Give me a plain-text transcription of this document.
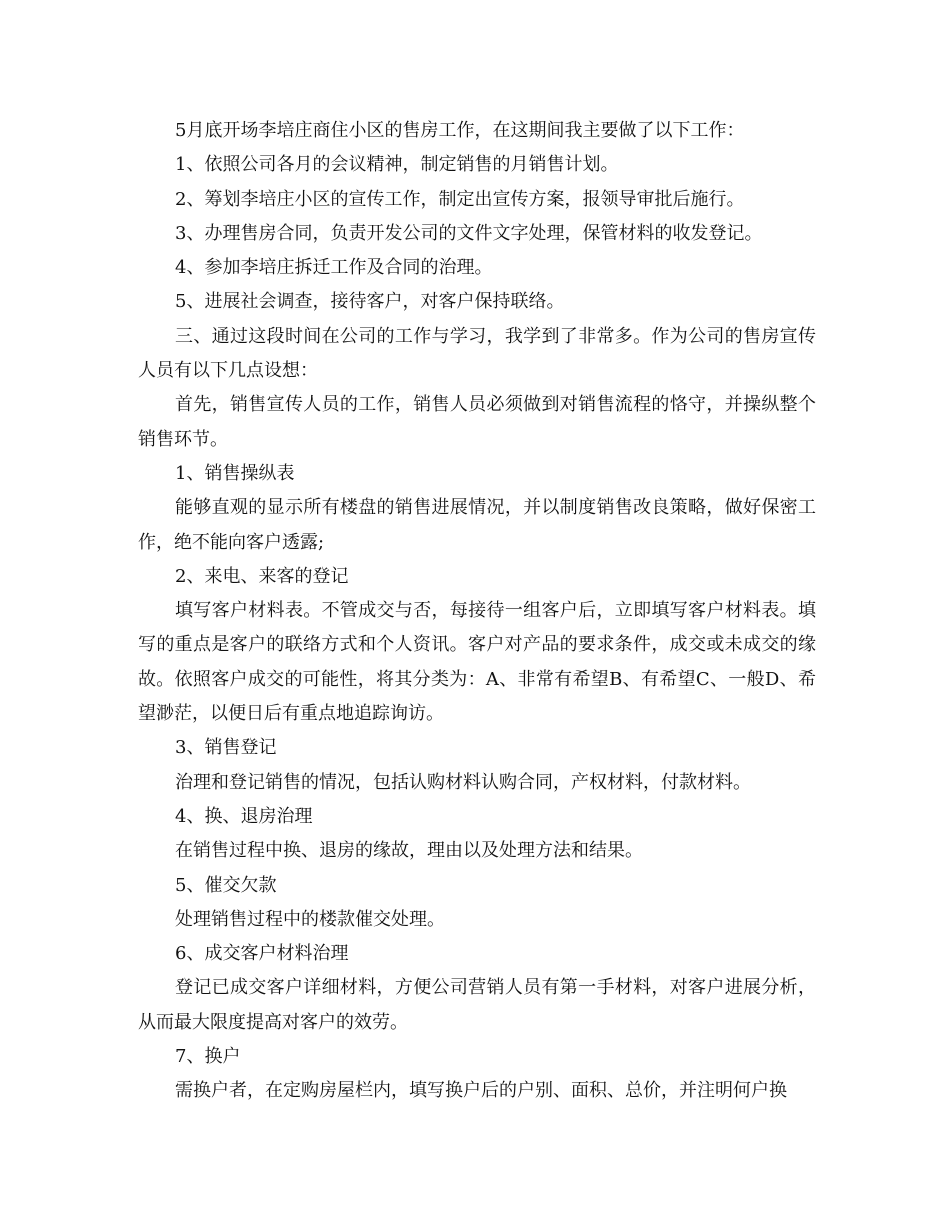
5月底开场李培庄商住小区的售房工作，在这期间我主要做了以下工作：

1、依照公司各月的会议精神，制定销售的月销售计划。

2、筹划李培庄小区的宣传工作，制定出宣传方案，报领导审批后施行。

3、办理售房合同，负责开发公司的文件文字处理，保管材料的收发登记。

4、参加李培庄拆迁工作及合同的治理。

5、进展社会调查，接待客户，对客户保持联络。

三、通过这段时间在公司的工作与学习，我学到了非常多。作为公司的售房宣传人员有以下几点设想：

首先，销售宣传人员的工作，销售人员必须做到对销售流程的恪守，并操纵整个销售环节。

1、销售操纵表

能够直观的显示所有楼盘的销售进展情况，并以制度销售改良策略，做好保密工作，绝不能向客户透露;

2、来电、来客的登记

填写客户材料表。不管成交与否，每接待一组客户后，立即填写客户材料表。填写的重点是客户的联络方式和个人资讯。客户对产品的要求条件，成交或未成交的缘故。依照客户成交的可能性，将其分类为：A、非常有希望B、有希望C、一般D、希望渺茫，以便日后有重点地追踪询访。

3、销售登记

治理和登记销售的情况，包括认购材料认购合同，产权材料，付款材料。

4、换、退房治理

在销售过程中换、退房的缘故，理由以及处理方法和结果。

5、催交欠款

处理销售过程中的楼款催交处理。

6、成交客户材料治理

登记已成交客户详细材料，方便公司营销人员有第一手材料，对客户进展分析，从而最大限度提高对客户的效劳。

7、换户

需换户者，在定购房屋栏内，填写换户后的户别、面积、总价，并注明何户换
